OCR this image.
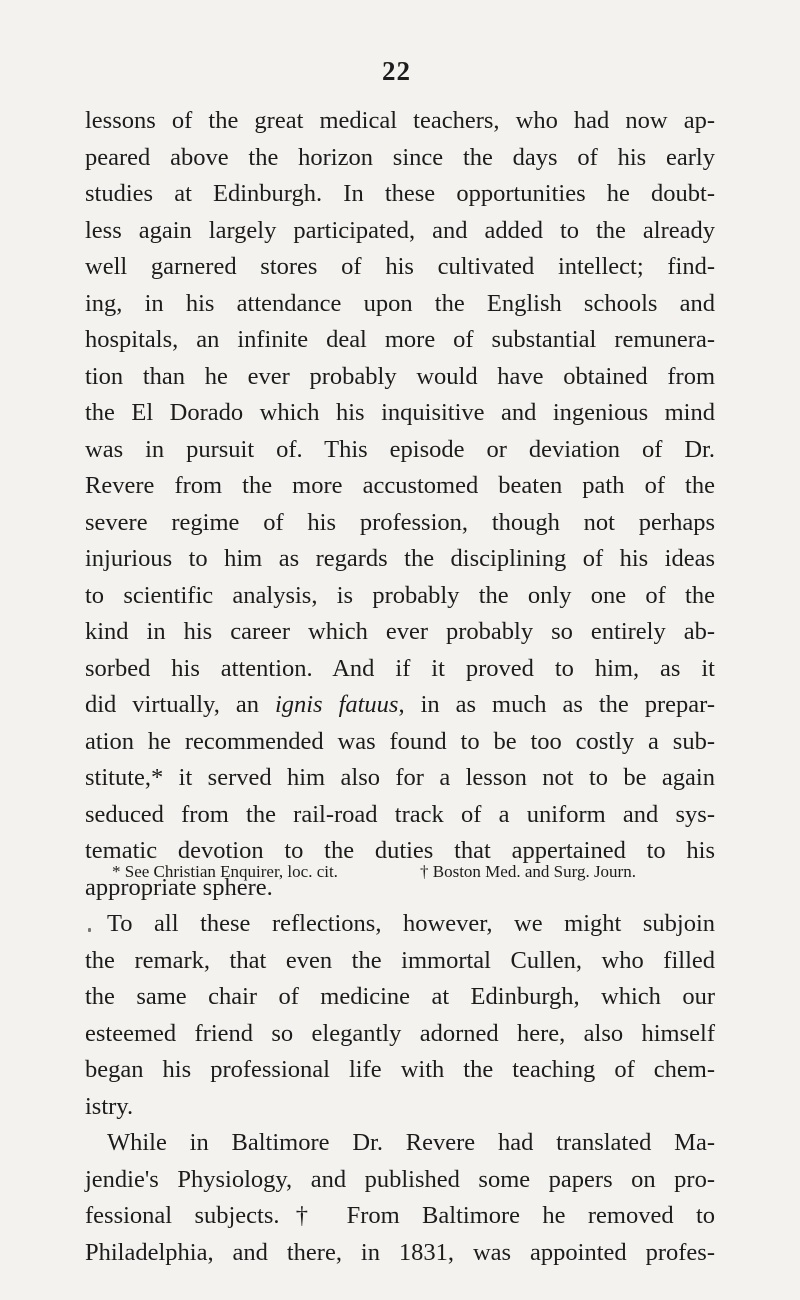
22
lessons of the great medical teachers, who had now ap-
peared above the horizon since the days of his early
studies at Edinburgh. In these opportunities he doubt-
less again largely participated, and added to the already
well garnered stores of his cultivated intellect; find-
ing, in his attendance upon the English schools and
hospitals, an infinite deal more of substantial remunera-
tion than he ever probably would have obtained from
the El Dorado which his inquisitive and ingenious mind
was in pursuit of. This episode or deviation of Dr.
Revere from the more accustomed beaten path of the
severe regime of his profession, though not perhaps
injurious to him as regards the disciplining of his ideas
to scientific analysis, is probably the only one of the
kind in his career which ever probably so entirely ab-
sorbed his attention. And if it proved to him, as it
did virtually, an ignis fatuus, in as much as the prepar-
ation he recommended was found to be too costly a sub-
stitute,* it served him also for a lesson not to be again
seduced from the rail-road track of a uniform and sys-
tematic devotion to the duties that appertained to his
appropriate sphere.
To all these reflections, however, we might subjoin
the remark, that even the immortal Cullen, who filled
the same chair of medicine at Edinburgh, which our
esteemed friend so elegantly adorned here, also himself
began his professional life with the teaching of chem-
istry.
While in Baltimore Dr. Revere had translated Ma-
jendie's Physiology, and published some papers on pro-
fessional subjects.† From Baltimore he removed to
Philadelphia, and there, in 1831, was appointed profes-
* See Christian Enquirer, loc. cit.	† Boston Med. and Surg. Journ.
